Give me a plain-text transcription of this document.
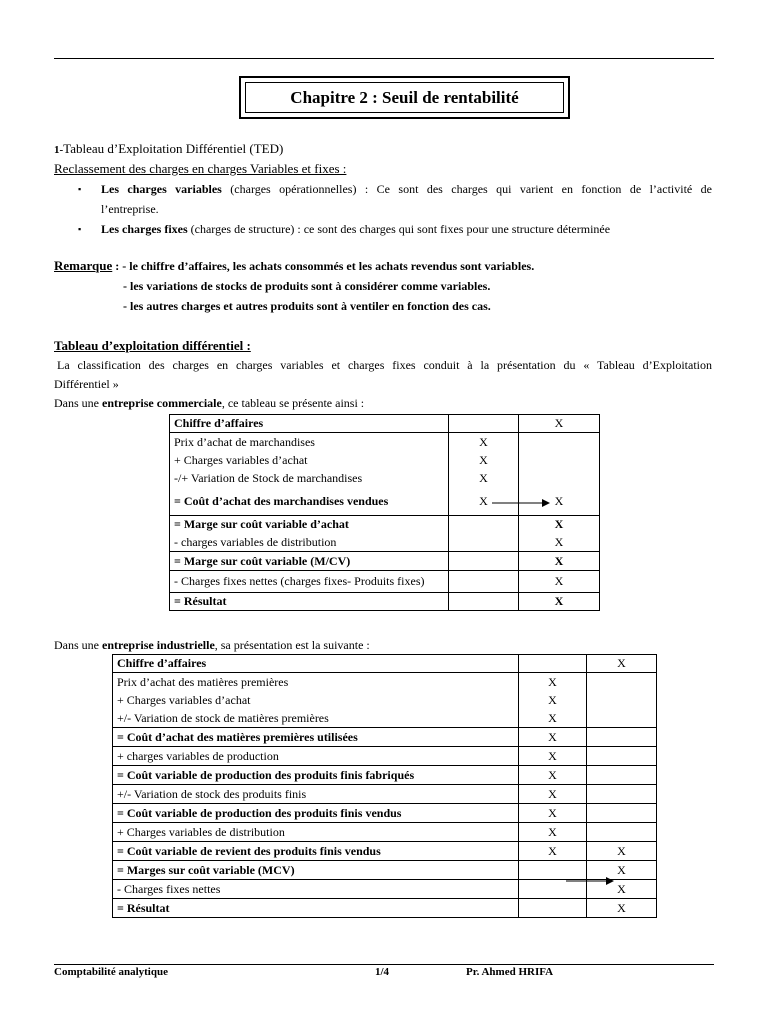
Chapitre 2 : Seuil de rentabilité
1-Tableau d’Exploitation Différentiel (TED)
Reclassement des charges en charges Variables et fixes :
▪ Les charges variables (charges opérationnelles) : Ce sont des charges qui varient en fonction de l’activité de
l’entreprise.
▪ Les charges fixes (charges de structure) : ce sont des charges qui sont fixes pour une structure déterminée
Remarque : - le chiffre d’affaires, les achats consommés et les achats revendus sont variables.
- les variations de stocks de produits sont à considérer comme variables.
- les autres charges et autres produits sont à ventiler en fonction des cas.
Tableau d’exploitation différentiel :
La classification des charges en charges variables et charges fixes conduit à la présentation du « Tableau d’Exploitation
Différentiel »
Dans une entreprise commerciale, ce tableau se présente ainsi :
Chiffre d’affaires		X
Prix d’achat de marchandises	X	
+ Charges variables d’achat	X	
-/+ Variation de Stock de marchandises	X	
= Coût d’achat des marchandises vendues	X	X
= Marge sur coût variable d’achat		X
- charges variables de distribution		X
= Marge sur coût variable (M/CV)		X
- Charges fixes nettes (charges fixes- Produits fixes)		X
= Résultat		X
Dans une entreprise industrielle, sa présentation est la suivante :
Chiffre d’affaires		X
Prix d’achat des matières premières	X	
+ Charges variables d’achat	X	
+/- Variation de stock de matières premières	X	
= Coût d’achat des matières premières utilisées	X	
+ charges variables de production	X	
= Coût variable de production des produits finis fabriqués	X	
+/- Variation de stock des produits finis	X	
= Coût variable de production des produits finis vendus	X	
+ Charges variables de distribution	X	
= Coût variable de revient des produits finis vendus	X	X
= Marges sur coût variable (MCV)		X
- Charges fixes nettes		X
= Résultat		X
Comptabilité analytique	1/4	Pr. Ahmed HRIFA
